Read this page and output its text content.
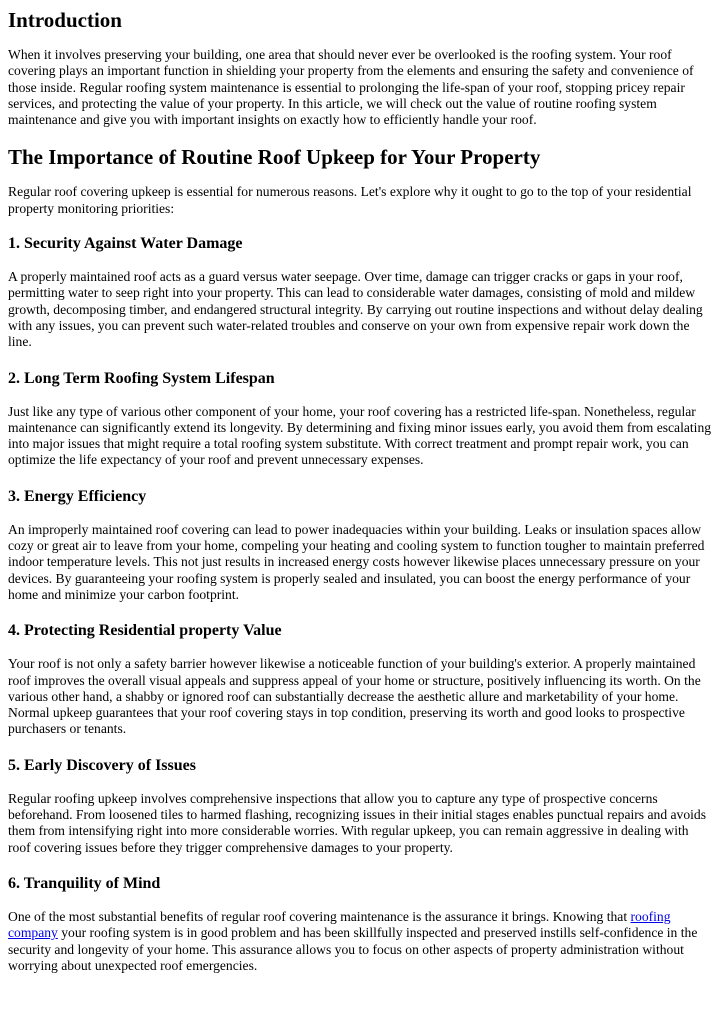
Introduction

When it involves preserving your building, one area that should never ever be overlooked is the roofing system. Your roof covering plays an important function in shielding your property from the elements and ensuring the safety and convenience of those inside. Regular roofing system maintenance is essential to prolonging the life-span of your roof, stopping pricey repair services, and protecting the value of your property. In this article, we will check out the value of routine roofing system maintenance and give you with important insights on exactly how to efficiently handle your roof.

The Importance of Routine Roof Upkeep for Your Property

Regular roof covering upkeep is essential for numerous reasons. Let's explore why it ought to go to the top of your residential property monitoring priorities:

1. Security Against Water Damage

A properly maintained roof acts as a guard versus water seepage. Over time, damage can trigger cracks or gaps in your roof, permitting water to seep right into your property. This can lead to considerable water damages, consisting of mold and mildew growth, decomposing timber, and endangered structural integrity. By carrying out routine inspections and without delay dealing with any issues, you can prevent such water-related troubles and conserve on your own from expensive repair work down the line.

2. Long Term Roofing System Lifespan

Just like any type of various other component of your home, your roof covering has a restricted life-span. Nonetheless, regular maintenance can significantly extend its longevity. By determining and fixing minor issues early, you avoid them from escalating into major issues that might require a total roofing system substitute. With correct treatment and prompt repair work, you can optimize the life expectancy of your roof and prevent unnecessary expenses.

3. Energy Efficiency

An improperly maintained roof covering can lead to power inadequacies within your building. Leaks or insulation spaces allow cozy or great air to leave from your home, compeling your heating and cooling system to function tougher to maintain preferred indoor temperature levels. This not just results in increased energy costs however likewise places unnecessary pressure on your devices. By guaranteeing your roofing system is properly sealed and insulated, you can boost the energy performance of your home and minimize your carbon footprint.

4. Protecting Residential property Value

Your roof is not only a safety barrier however likewise a noticeable function of your building's exterior. A properly maintained roof improves the overall visual appeals and suppress appeal of your home or structure, positively influencing its worth. On the various other hand, a shabby or ignored roof can substantially decrease the aesthetic allure and marketability of your home. Normal upkeep guarantees that your roof covering stays in top condition, preserving its worth and good looks to prospective purchasers or tenants.

5. Early Discovery of Issues

Regular roofing upkeep involves comprehensive inspections that allow you to capture any type of prospective concerns beforehand. From loosened tiles to harmed flashing, recognizing issues in their initial stages enables punctual repairs and avoids them from intensifying right into more considerable worries. With regular upkeep, you can remain aggressive in dealing with roof covering issues before they trigger comprehensive damages to your property.

6. Tranquility of Mind

One of the most substantial benefits of regular roof covering maintenance is the assurance it brings. Knowing that roofing company your roofing system is in good problem and has been skillfully inspected and preserved instills self-confidence in the security and longevity of your home. This assurance allows you to focus on other aspects of property administration without worrying about unexpected roof emergencies.
